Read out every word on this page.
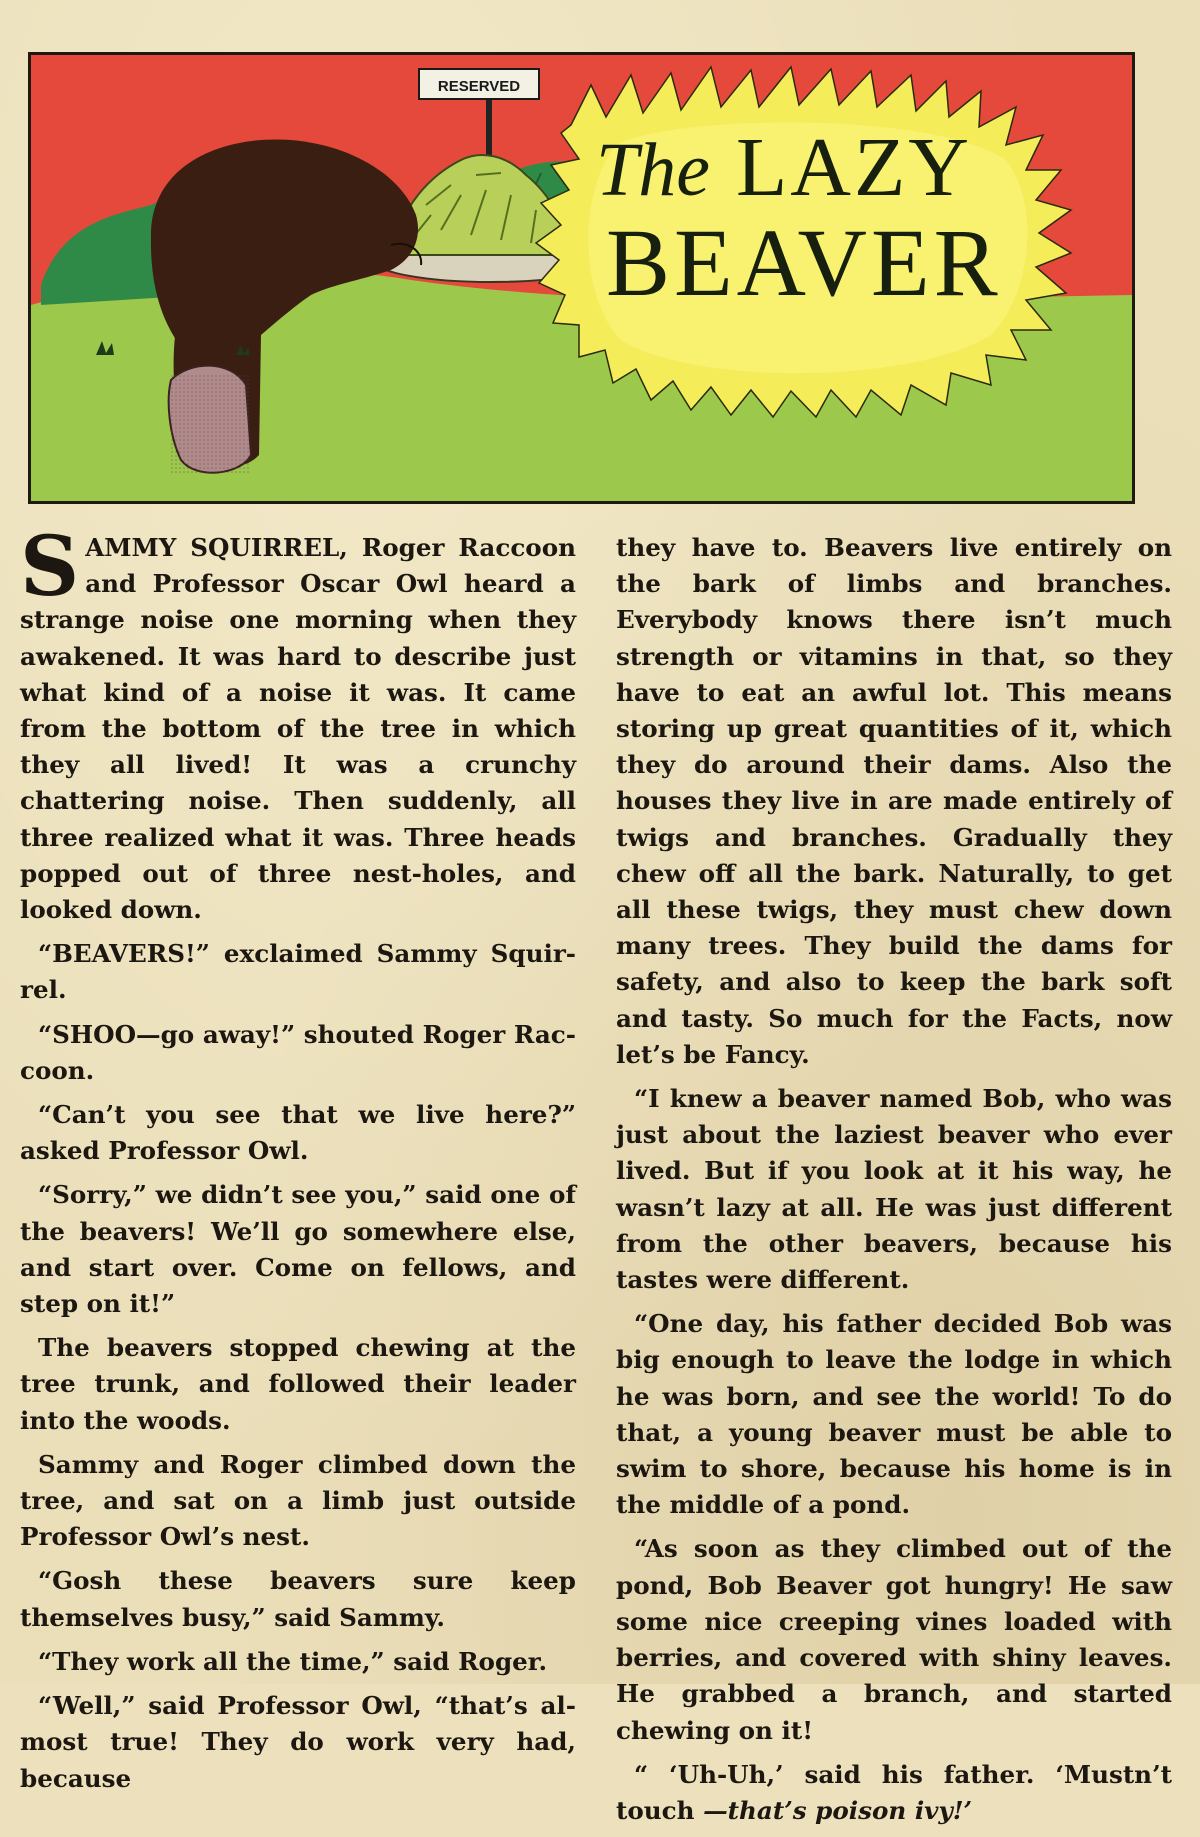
RESERVED
The LAZY
BEAVER

SAMMY SQUIRREL, Roger Raccoon and Professor Oscar Owl heard a strange noise one morning when they awakened. It was hard to describe just what kind of a noise it was. It came from the bottom of the tree in which they all lived! It was a crunchy chattering noise. Then suddenly, all three realized what it was. Three heads popped out of three nest-holes, and looked down.

“BEAVERS!” exclaimed Sammy Squirrel.

“SHOO—go away!” shouted Roger Raccoon.

“Can’t you see that we live here?” asked Professor Owl.

“Sorry,” we didn’t see you,” said one of the beavers! We’ll go somewhere else, and start over. Come on fellows, and step on it!”

The beavers stopped chewing at the tree trunk, and followed their leader into the woods.

Sammy and Roger climbed down the tree, and sat on a limb just outside Professor Owl’s nest.

“Gosh these beavers sure keep themselves busy,” said Sammy.

“They work all the time,” said Roger.

“Well,” said Professor Owl, “that’s almost true! They do work very had, because

they have to. Beavers live entirely on the bark of limbs and branches. Everybody knows there isn’t much strength or vitamins in that, so they have to eat an awful lot. This means storing up great quantities of it, which they do around their dams. Also the houses they live in are made entirely of twigs and branches. Gradually they chew off all the bark. Naturally, to get all these twigs, they must chew down many trees. They build the dams for safety, and also to keep the bark soft and tasty. So much for the Facts, now let’s be Fancy.

“I knew a beaver named Bob, who was just about the laziest beaver who ever lived. But if you look at it his way, he wasn’t lazy at all. He was just different from the other beavers, because his tastes were different.

“One day, his father decided Bob was big enough to leave the lodge in which he was born, and see the world! To do that, a young beaver must be able to swim to shore, because his home is in the middle of a pond.

“As soon as they climbed out of the pond, Bob Beaver got hungry! He saw some nice creeping vines loaded with berries, and covered with shiny leaves. He grabbed a branch, and started chewing on it!

“ ‘Uh-Uh,’ said his father. ‘Mustn’t touch —that’s poison ivy!’
